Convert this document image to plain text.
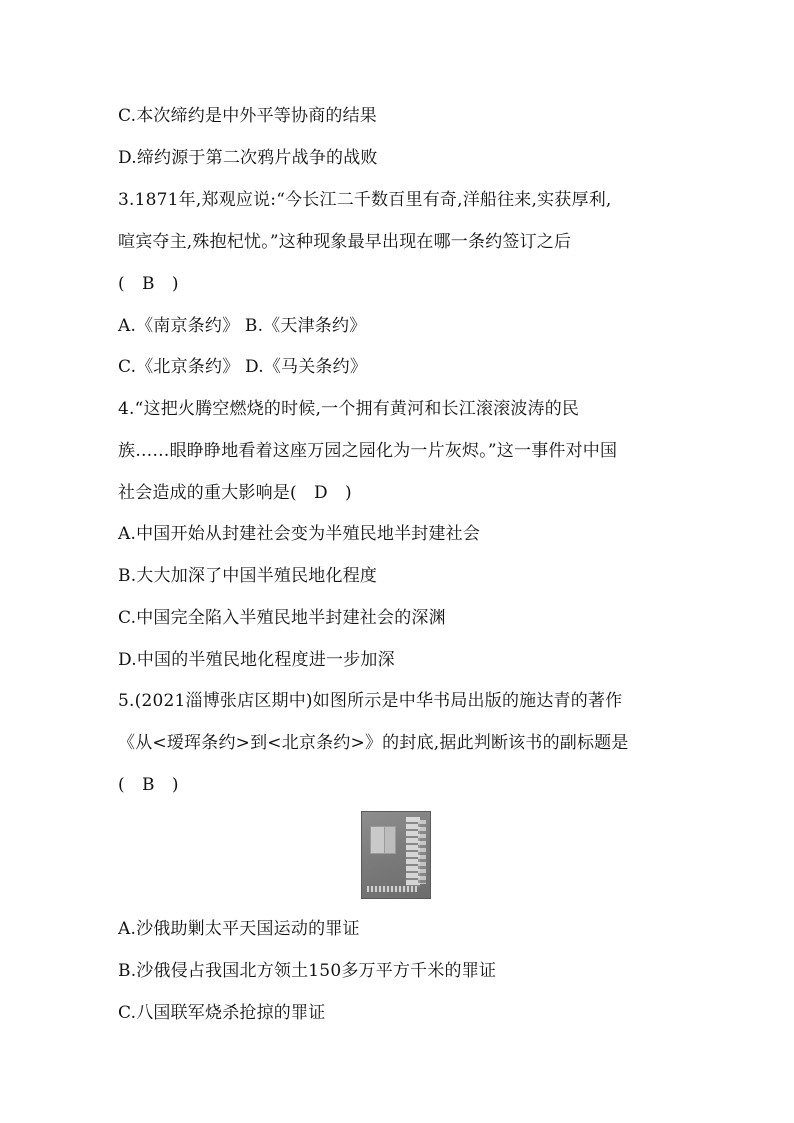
C.本次缔约是中外平等协商的结果
D.缔约源于第二次鸦片战争的战败
3.1871年,郑观应说:“今长江二千数百里有奇,洋船往来,实获厚利,
喧宾夺主,殊抱杞忧。”这种现象最早出现在哪一条约签订之后
(　B　)
A.《南京条约》 B.《天津条约》
C.《北京条约》 D.《马关条约》
4.“这把火腾空燃烧的时候,一个拥有黄河和长江滚滚波涛的民
族……眼睁睁地看着这座万园之园化为一片灰烬。”这一事件对中国
社会造成的重大影响是(　D　)
A.中国开始从封建社会变为半殖民地半封建社会
B.大大加深了中国半殖民地化程度
C.中国完全陷入半殖民地半封建社会的深渊
D.中国的半殖民地化程度进一步加深
5.(2021淄博张店区期中)如图所示是中华书局出版的施达青的著作
《从<瑷珲条约>到<北京条约>》的封底,据此判断该书的副标题是
(　B　)
A.沙俄助剿太平天国运动的罪证
B.沙俄侵占我国北方领土150多万平方千米的罪证
C.八国联军烧杀抢掠的罪证
